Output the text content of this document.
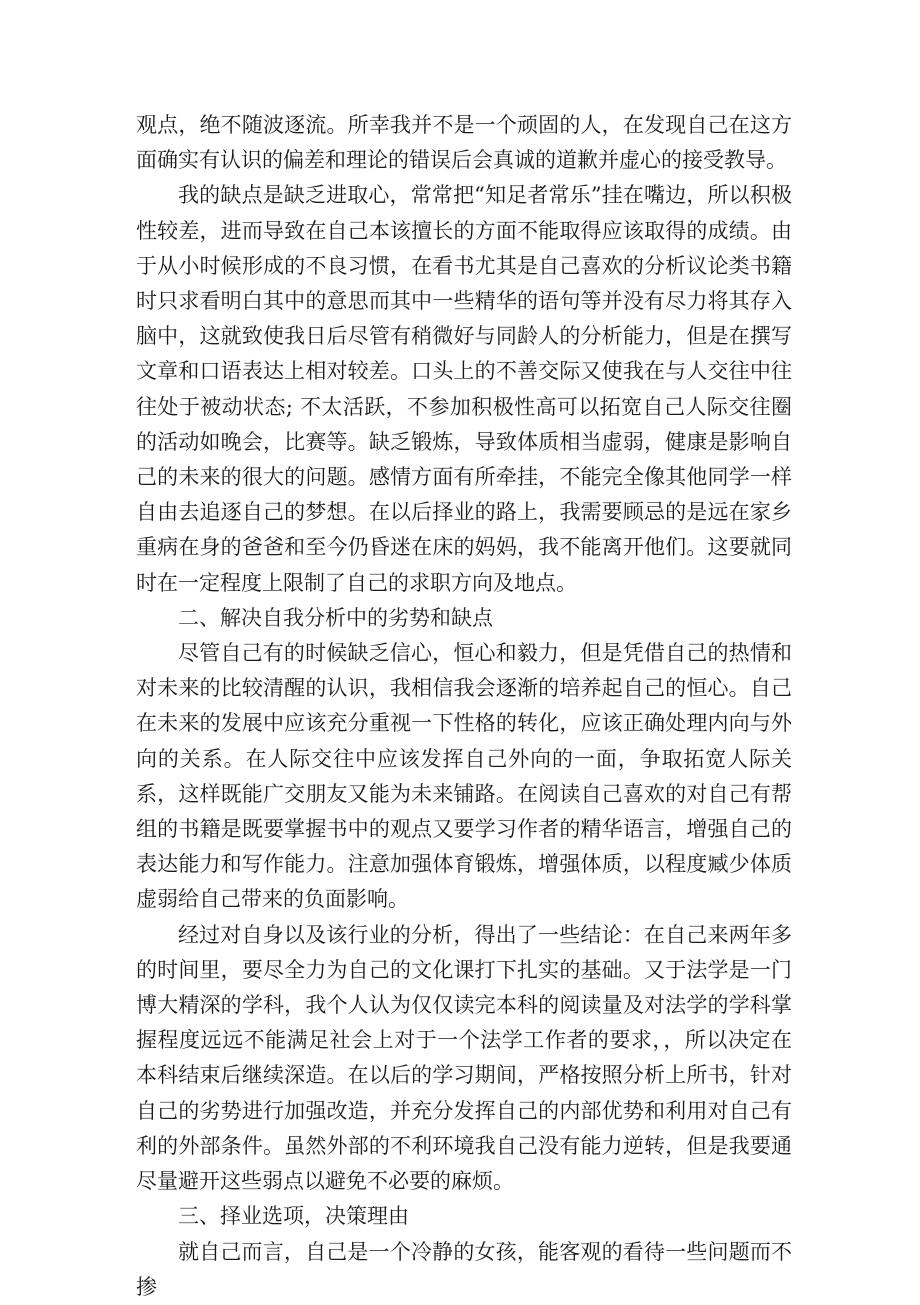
观点，绝不随波逐流。所幸我并不是一个顽固的人，在发现自己在这方面确实有认识的偏差和理论的错误后会真诚的道歉并虚心的接受教导。

我的缺点是缺乏进取心，常常把“知足者常乐”挂在嘴边，所以积极性较差，进而导致在自己本该擅长的方面不能取得应该取得的成绩。由于从小时候形成的不良习惯，在看书尤其是自己喜欢的分析议论类书籍时只求看明白其中的意思而其中一些精华的语句等并没有尽力将其存入脑中，这就致使我日后尽管有稍微好与同龄人的分析能力，但是在撰写文章和口语表达上相对较差。口头上的不善交际又使我在与人交往中往往处于被动状态; 不太活跃，不参加积极性高可以拓宽自己人际交往圈的活动如晚会，比赛等。缺乏锻炼，导致体质相当虚弱，健康是影响自己的未来的很大的问题。感情方面有所牵挂，不能完全像其他同学一样自由去追逐自己的梦想。在以后择业的路上，我需要顾忌的是远在家乡重病在身的爸爸和至今仍昏迷在床的妈妈，我不能离开他们。这要就同时在一定程度上限制了自己的求职方向及地点。

二、解决自我分析中的劣势和缺点

尽管自己有的时候缺乏信心，恒心和毅力，但是凭借自己的热情和对未来的比较清醒的认识，我相信我会逐渐的培养起自己的恒心。自己在未来的发展中应该充分重视一下性格的转化，应该正确处理内向与外向的关系。在人际交往中应该发挥自己外向的一面，争取拓宽人际关系，这样既能广交朋友又能为未来铺路。在阅读自己喜欢的对自己有帮组的书籍是既要掌握书中的观点又要学习作者的精华语言，增强自己的表达能力和写作能力。注意加强体育锻炼，增强体质，以程度臧少体质虚弱给自己带来的负面影响。

经过对自身以及该行业的分析，得出了一些结论：在自己来两年多的时间里，要尽全力为自己的文化课打下扎实的基础。又于法学是一门博大精深的学科，我个人认为仅仅读完本科的阅读量及对法学的学科掌握程度远远不能满足社会上对于一个法学工作者的要求，，所以决定在本科结束后继续深造。在以后的学习期间，严格按照分析上所书，针对自己的劣势进行加强改造，并充分发挥自己的内部优势和利用对自己有利的外部条件。虽然外部的不利环境我自己没有能力逆转，但是我要通尽量避开这些弱点以避免不必要的麻烦。

三、择业选项，决策理由

就自己而言，自己是一个冷静的女孩，能客观的看待一些问题而不掺
